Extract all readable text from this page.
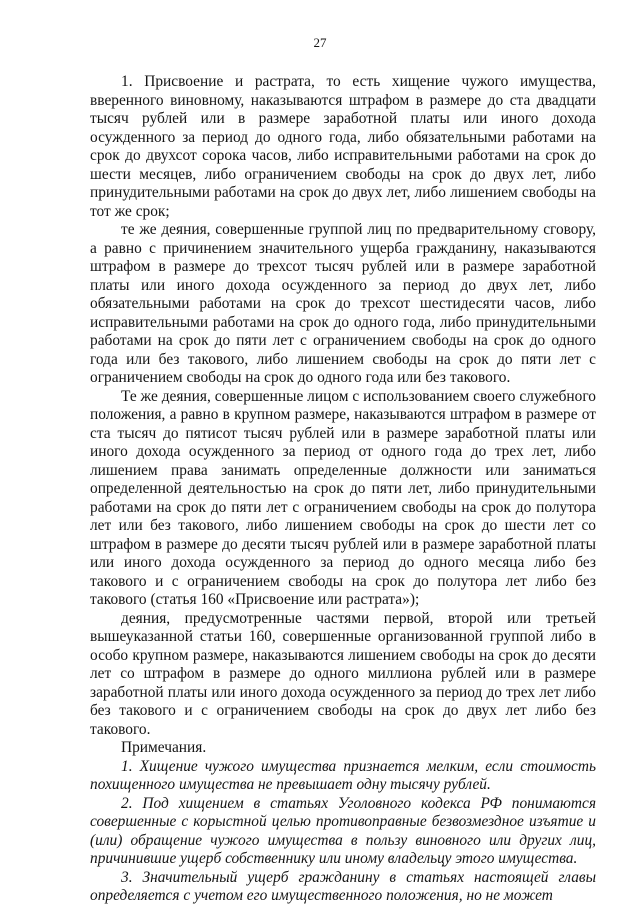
27

1. Присвоение и растрата, то есть хищение чужого имущества, вверенного виновному, наказываются штрафом в размере до ста двадцати тысяч рублей или в размере заработной платы или иного дохода осужденного за период до одного года, либо обязательными работами на срок до двухсот сорока часов, либо исправительными работами на срок до шести месяцев, либо ограничением свободы на срок до двух лет, либо принудительными работами на срок до двух лет, либо лишением свободы на тот же срок;

те же деяния, совершенные группой лиц по предварительному сговору, а равно с причинением значительного ущерба гражданину, наказываются штрафом в размере до трехсот тысяч рублей или в размере заработной платы или иного дохода осужденного за период до двух лет, либо обязательными работами на срок до трехсот шестидесяти часов, либо исправительными работами на срок до одного года, либо принудительными работами на срок до пяти лет с ограничением свободы на срок до одного года или без такового, либо лишением свободы на срок до пяти лет с ограничением свободы на срок до одного года или без такового.

Те же деяния, совершенные лицом с использованием своего служебного положения, а равно в крупном размере, наказываются штрафом в размере от ста тысяч до пятисот тысяч рублей или в размере заработной платы или иного дохода осужденного за период от одного года до трех лет, либо лишением права занимать определенные должности или заниматься определенной деятельностью на срок до пяти лет, либо принудительными работами на срок до пяти лет с ограничением свободы на срок до полутора лет или без такового, либо лишением свободы на срок до шести лет со штрафом в размере до десяти тысяч рублей или в размере заработной платы или иного дохода осужденного за период до одного месяца либо без такового и с ограничением свободы на срок до полутора лет либо без такового (статья 160 «Присвоение или растрата»);

деяния, предусмотренные частями первой, второй или третьей вышеуказанной статьи 160, совершенные организованной группой либо в особо крупном размере, наказываются лишением свободы на срок до десяти лет со штрафом в размере до одного миллиона рублей или в размере заработной платы или иного дохода осужденного за период до трех лет либо без такового и с ограничением свободы на срок до двух лет либо без такового.

Примечания.

1. Хищение чужого имущества признается мелким, если стоимость похищенного имущества не превышает одну тысячу рублей.

2. Под хищением в статьях Уголовного кодекса РФ понимаются совершенные с корыстной целью противоправные безвозмездное изъятие и (или) обращение чужого имущества в пользу виновного или других лиц, причинившие ущерб собственнику или иному владельцу этого имущества.

3. Значительный ущерб гражданину в статьях настоящей главы определяется с учетом его имущественного положения, но не может
